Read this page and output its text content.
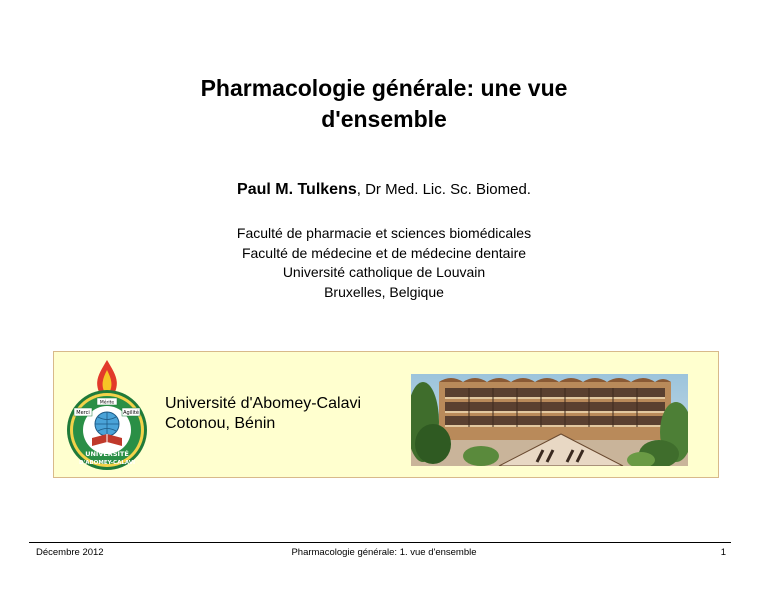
Pharmacologie générale: une vue
d'ensemble
Paul M. Tulkens, Dr Med. Lic. Sc. Biomed.
Faculté de pharmacie et sciences biomédicales
Faculté de médecine et de médecine dentaire
Université catholique de Louvain
Bruxelles, Belgique
Merci
Mérite
Agilité
UNIVERSITÉ
D'ABOMEY-CALAVI
Université d'Abomey-Calavi
Cotonou, Bénin
Décembre 2012	Pharmacologie générale: 1. vue d'ensemble	1
